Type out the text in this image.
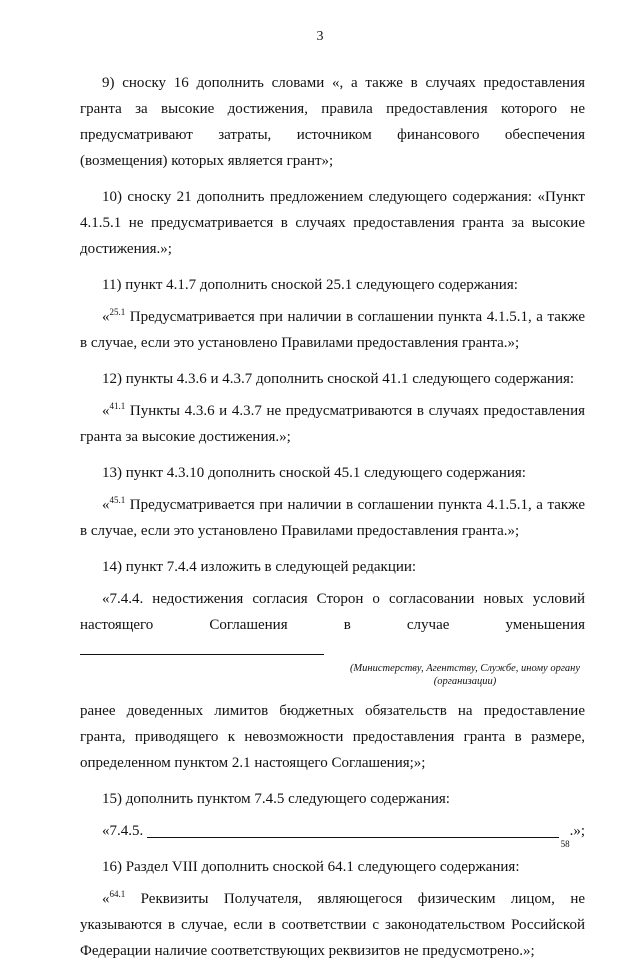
3

9) сноску 16 дополнить словами «, а также в случаях предоставления гранта за высокие достижения, правила предоставления которого не предусматривают затраты, источником финансового обеспечения (возмещения) которых является грант»;

10) сноску 21 дополнить предложением следующего содержания: «Пункт 4.1.5.1 не предусматривается в случаях предоставления гранта за высокие достижения.»;

11) пункт 4.1.7 дополнить сноской 25.1 следующего содержания:

«$^{25.1}$ Предусматривается при наличии в соглашении пункта 4.1.5.1, а также в случае, если это установлено Правилами предоставления гранта.»;

12) пункты 4.3.6 и 4.3.7 дополнить сноской 41.1 следующего содержания:

«$^{41.1}$ Пункты 4.3.6 и 4.3.7 не предусматриваются в случаях предоставления гранта за высокие достижения.»;

13) пункт 4.3.10 дополнить сноской 45.1 следующего содержания:

«$^{45.1}$ Предусматривается при наличии в соглашении пункта 4.1.5.1, а также в случае, если это установлено Правилами предоставления гранта.»;

14) пункт 7.4.4 изложить в следующей редакции:

«7.4.4. недостижения согласия Сторон о согласовании новых условий настоящего Соглашения в случае уменьшения

(Министерству, Агентству, Службе, иному органу (организации)

ранее доведенных лимитов бюджетных обязательств на предоставление гранта, приводящего к невозможности предоставления гранта в размере, определенном пунктом 2.1 настоящего Соглашения;»;

15) дополнить пунктом 7.4.5 следующего содержания:

«7.4.5.
58
.»;

16) Раздел VIII дополнить сноской 64.1 следующего содержания:

«$^{64.1}$ Реквизиты Получателя, являющегося физическим лицом, не указываются в случае, если в соответствии с законодательством Российской Федерации наличие соответствующих реквизитов не предусмотрено.»;
